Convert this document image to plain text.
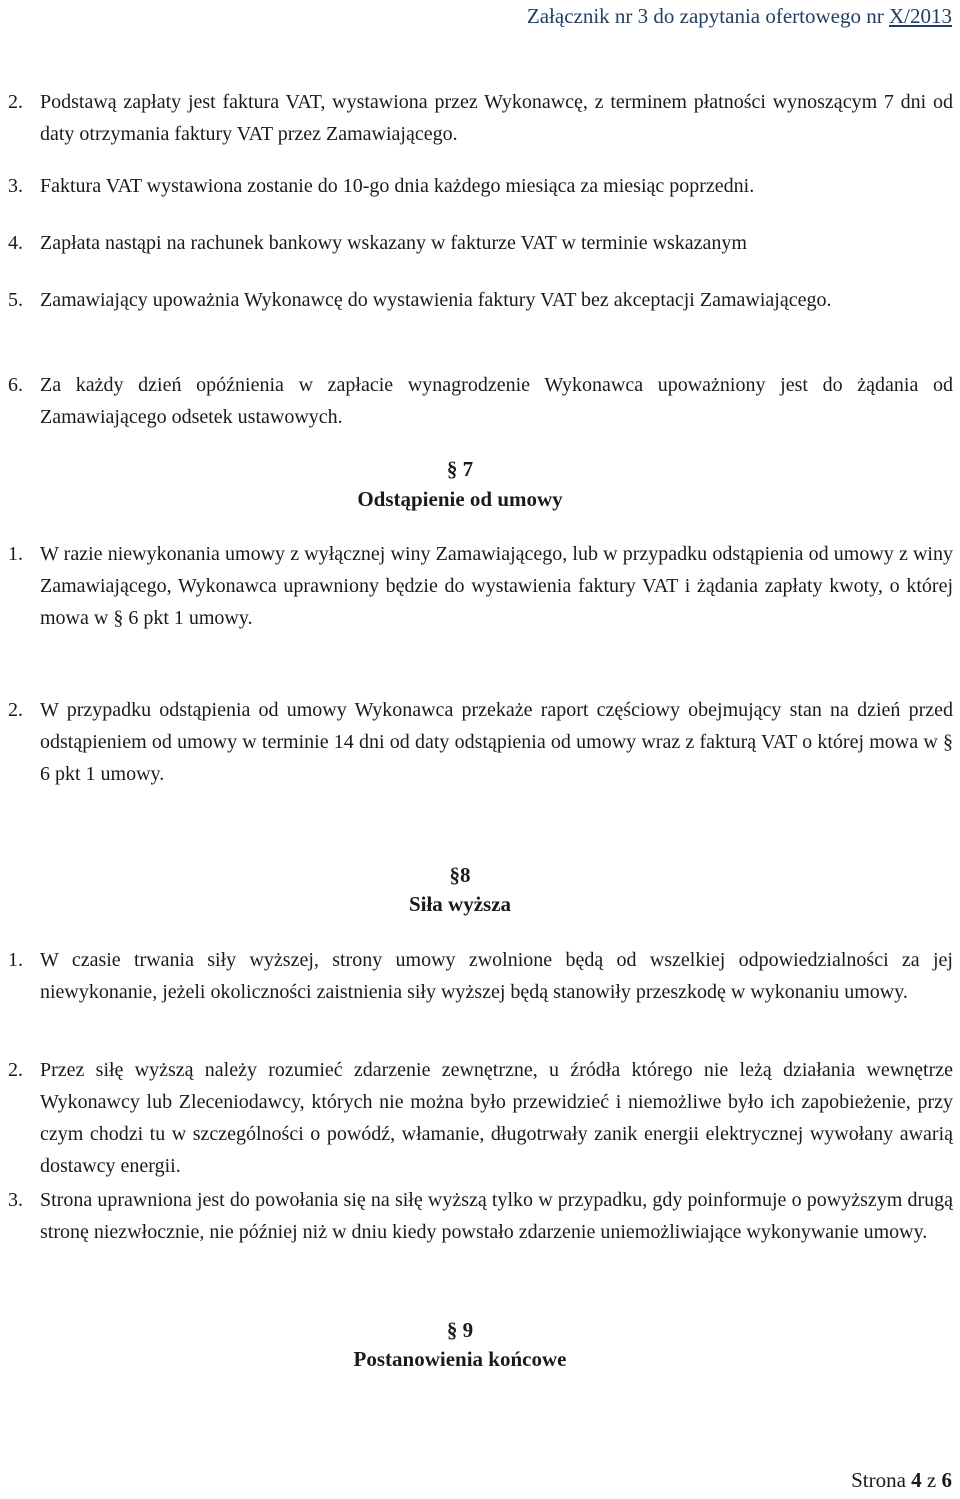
Załącznik nr 3 do zapytania ofertowego nr X/2013
2. Podstawą zapłaty jest faktura VAT, wystawiona przez Wykonawcę, z terminem płatności wynoszącym 7 dni od daty otrzymania faktury VAT przez Zamawiającego.
3. Faktura VAT wystawiona zostanie do 10-go dnia każdego miesiąca za miesiąc poprzedni.
4. Zapłata nastąpi na rachunek bankowy wskazany w fakturze VAT w terminie wskazanym
5. Zamawiający upoważnia Wykonawcę do wystawienia faktury VAT bez akceptacji Zamawiającego.
6. Za każdy dzień opóźnienia w zapłacie wynagrodzenie Wykonawca upoważniony jest do żądania od Zamawiającego odsetek ustawowych.
§ 7
Odstąpienie od umowy
1. W razie niewykonania umowy z wyłącznej winy Zamawiającego, lub w przypadku odstąpienia od umowy z winy Zamawiającego, Wykonawca uprawniony będzie do wystawienia faktury VAT i żądania zapłaty kwoty, o której mowa w § 6 pkt 1 umowy.
2. W przypadku odstąpienia od umowy Wykonawca przekaże raport częściowy obejmujący stan na dzień przed odstąpieniem od umowy w terminie 14 dni od daty odstąpienia od umowy wraz z fakturą VAT o której mowa w § 6 pkt 1 umowy.
§8
Siła wyższa
1. W czasie trwania siły wyższej, strony umowy zwolnione będą od wszelkiej odpowiedzialności za jej niewykonanie, jeżeli okoliczności zaistnienia siły wyższej będą stanowiły przeszkodę w wykonaniu umowy.
2. Przez siłę wyższą należy rozumieć zdarzenie zewnętrzne, u źródła którego nie leżą działania wewnętrze Wykonawcy lub Zleceniodawcy, których nie można było przewidzieć i niemożliwe było ich zapobieżenie, przy czym chodzi tu w szczególności o powódź, włamanie, długotrwały zanik energii elektrycznej wywołany awarią dostawcy energii.
3. Strona uprawniona jest do powołania się na siłę wyższą tylko w przypadku, gdy poinformuje o powyższym drugą stronę niezwłocznie, nie później niż w dniu kiedy powstało zdarzenie uniemożliwiające wykonywanie umowy.
§ 9
Postanowienia końcowe
Strona 4 z 6
